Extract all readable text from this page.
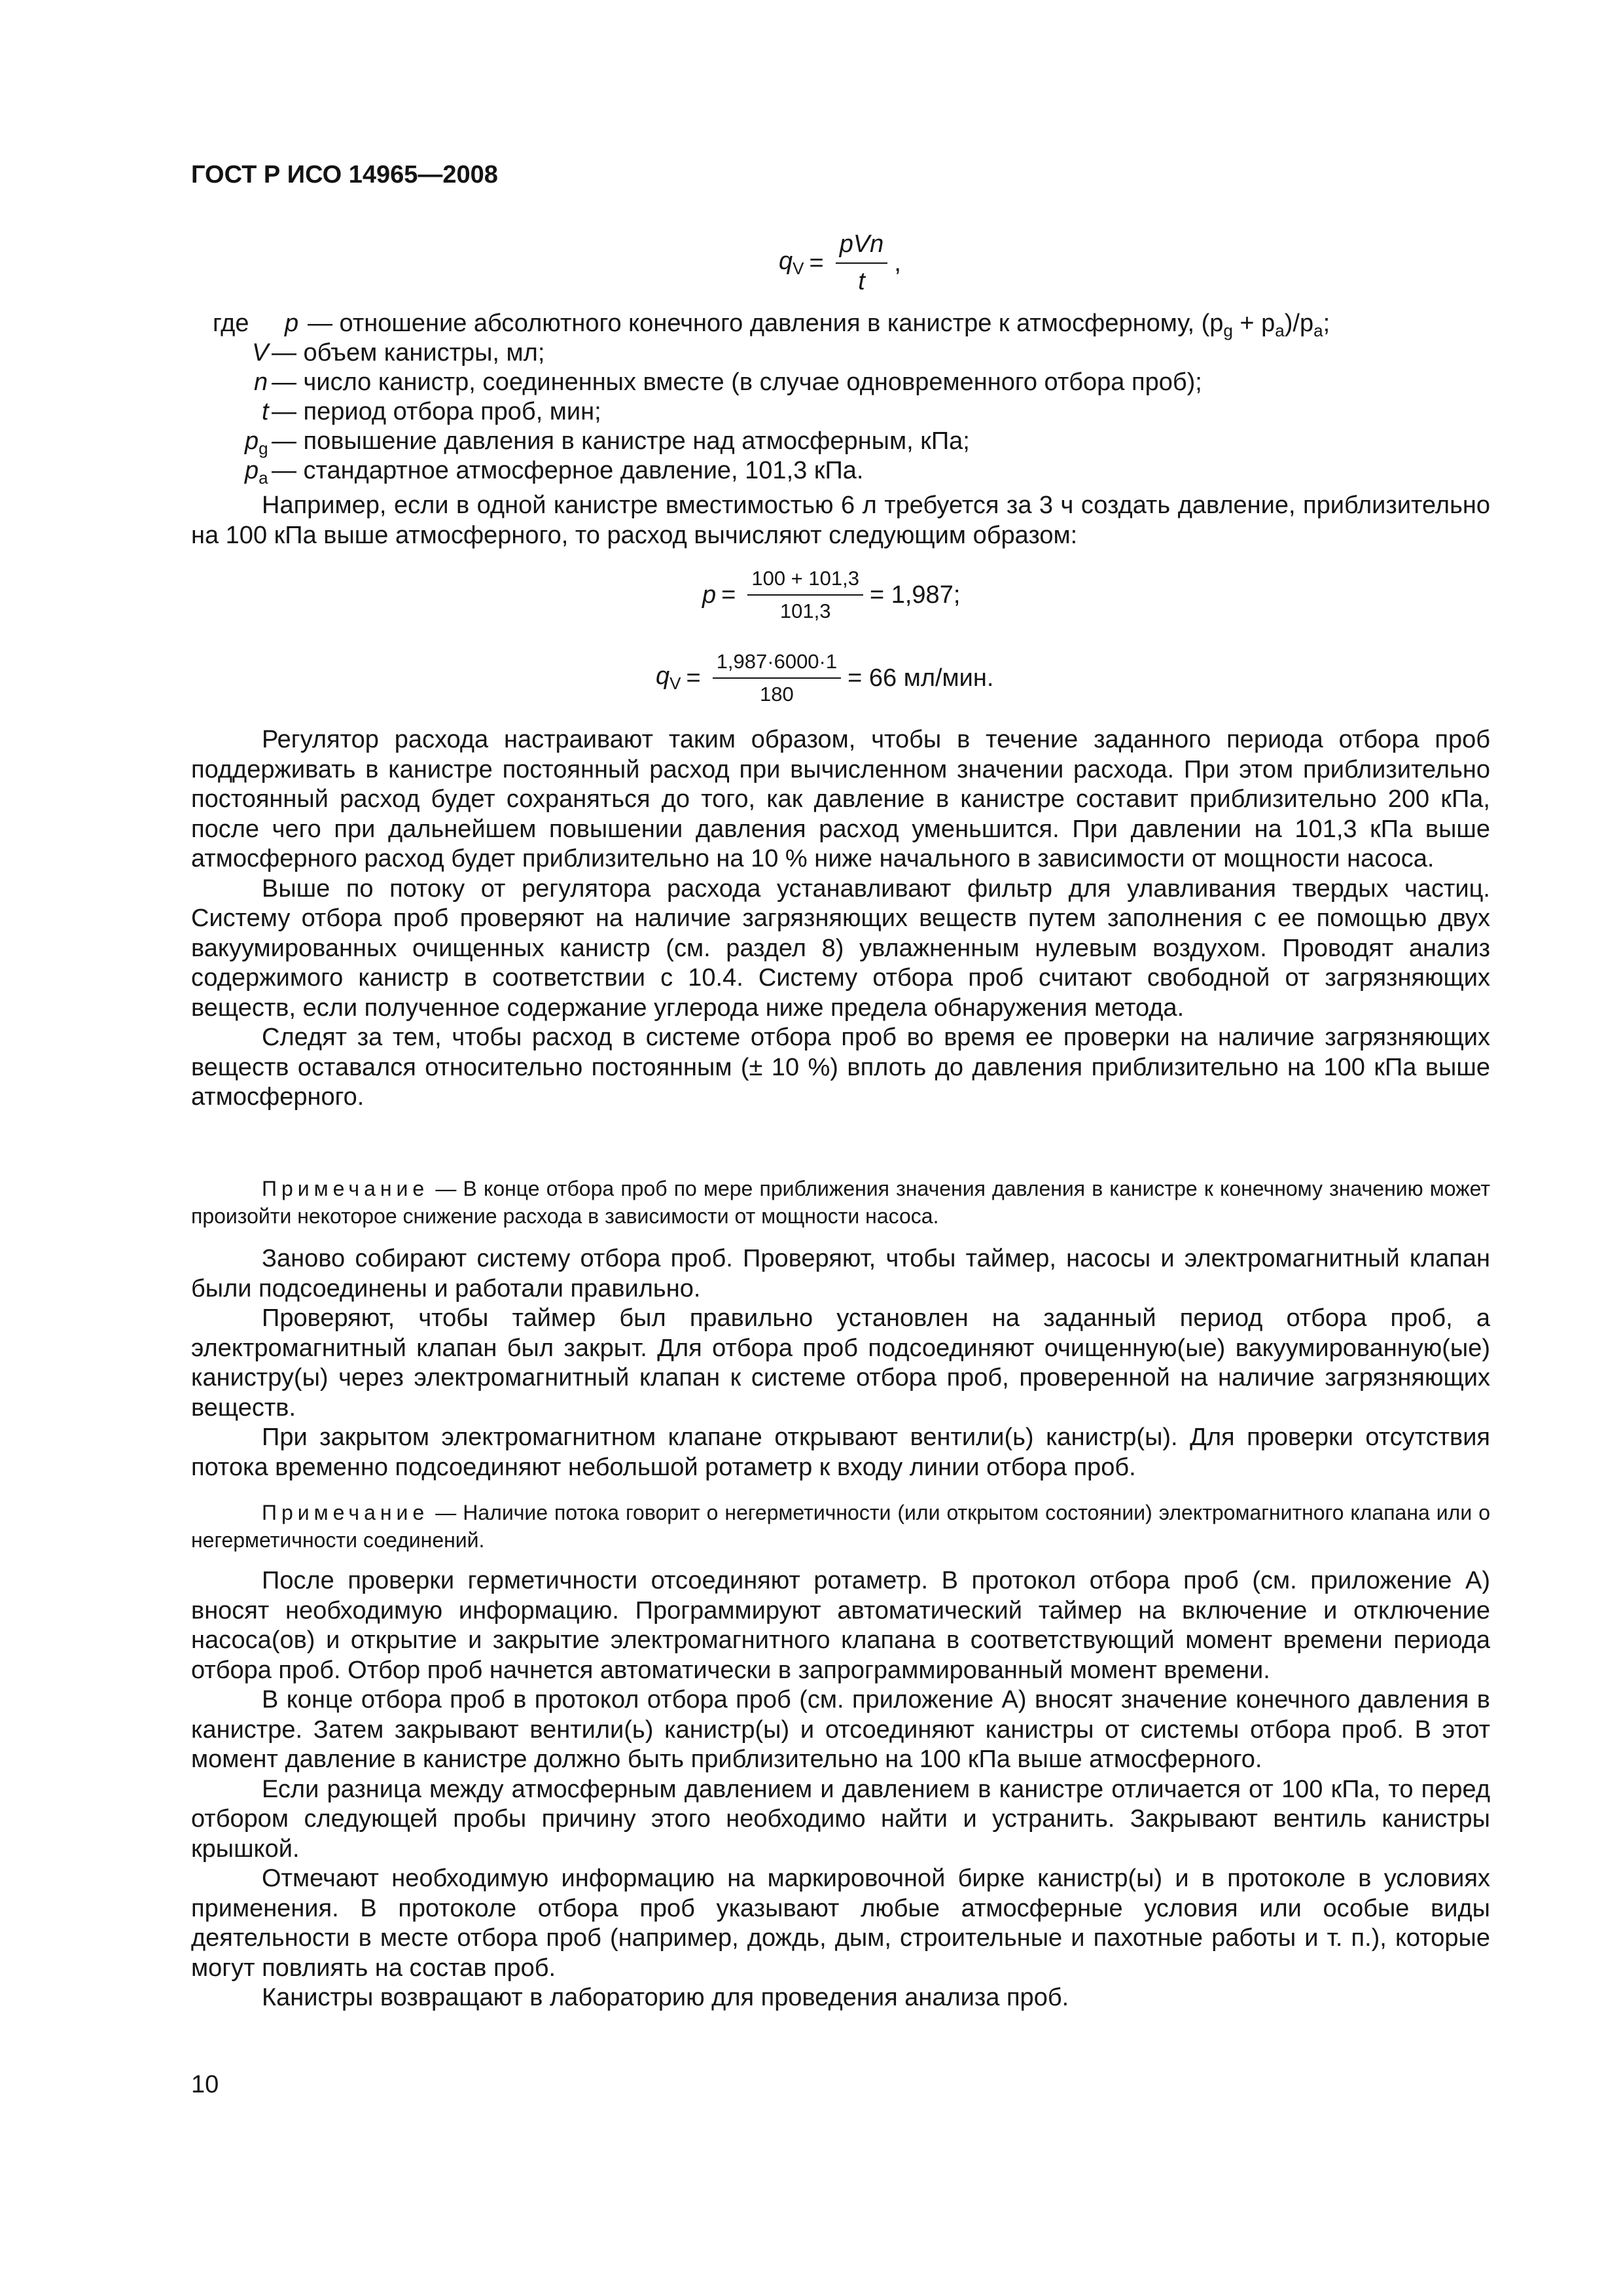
ГОСТ Р ИСО 14965—2008
$q_V = \frac{\text{pVn}}{t}$ ,
где p — отношение абсолютного конечного давления в канистре к атмосферному, $(p_g + p_a)/p_a$;
V — объем канистры, мл;
n — число канистр, соединенных вместе (в случае одновременного отбора проб);
t — период отбора проб, мин;
$p_g$ — повышение давления в канистре над атмосферным, кПа;
$p_a$ — стандартное атмосферное давление, 101,3 кПа.

Например, если в одной канистре вместимостью 6 л требуется за 3 ч создать давление, приблизительно на 100 кПа выше атмосферного, то расход вычисляют следующим образом:

$p = \frac{100 + 101,3}{101,3} = 1,987$;
$q_V = \frac{1,987\cdot 6000\cdot 1}{180} = 66$ мл/мин.

Регулятор расхода настраивают таким образом, чтобы в течение заданного периода отбора проб поддерживать в канистре постоянный расход при вычисленном значении расхода. При этом приблизительно постоянный расход будет сохраняться до того, как давление в канистре составит приблизительно 200 кПа, после чего при дальнейшем повышении давления расход уменьшится. При давлении на 101,3 кПа выше атмосферного расход будет приблизительно на 10 % ниже начального в зависимости от мощности насоса.

Выше по потоку от регулятора расхода устанавливают фильтр для улавливания твердых частиц. Систему отбора проб проверяют на наличие загрязняющих веществ путем заполнения с ее помощью двух вакуумированных очищенных канистр (см. раздел 8) увлажненным нулевым воздухом. Проводят анализ содержимого канистр в соответствии с 10.4. Систему отбора проб считают свободной от загрязняющих веществ, если полученное содержание углерода ниже предела обнаружения метода.

Следят за тем, чтобы расход в системе отбора проб во время ее проверки на наличие загрязняющих веществ оставался относительно постоянным (± 10 %) вплоть до давления приблизительно на 100 кПа выше атмосферного.

Примечание — В конце отбора проб по мере приближения значения давления в канистре к конечному значению может произойти некоторое снижение расхода в зависимости от мощности насоса.

Заново собирают систему отбора проб. Проверяют, чтобы таймер, насосы и электромагнитный клапан были подсоединены и работали правильно.

Проверяют, чтобы таймер был правильно установлен на заданный период отбора проб, а электромагнитный клапан был закрыт. Для отбора проб подсоединяют очищенную(ые) вакуумированную(ые) канистру(ы) через электромагнитный клапан к системе отбора проб, проверенной на наличие загрязняющих веществ.

При закрытом электромагнитном клапане открывают вентили(ь) канистр(ы). Для проверки отсутствия потока временно подсоединяют небольшой ротаметр к входу линии отбора проб.

Примечание — Наличие потока говорит о негерметичности (или открытом состоянии) электромагнитного клапана или о негерметичности соединений.

После проверки герметичности отсоединяют ротаметр. В протокол отбора проб (см. приложение А) вносят необходимую информацию. Программируют автоматический таймер на включение и отключение насоса(ов) и открытие и закрытие электромагнитного клапана в соответствующий момент времени периода отбора проб. Отбор проб начнется автоматически в запрограммированный момент времени.

В конце отбора проб в протокол отбора проб (см. приложение А) вносят значение конечного давления в канистре. Затем закрывают вентили(ь) канистр(ы) и отсоединяют канистры от системы отбора проб. В этот момент давление в канистре должно быть приблизительно на 100 кПа выше атмосферного.

Если разница между атмосферным давлением и давлением в канистре отличается от 100 кПа, то перед отбором следующей пробы причину этого необходимо найти и устранить. Закрывают вентиль канистры крышкой.

Отмечают необходимую информацию на маркировочной бирке канистр(ы) и в протоколе в условиях применения. В протоколе отбора проб указывают любые атмосферные условия или особые виды деятельности в месте отбора проб (например, дождь, дым, строительные и пахотные работы и т. п.), которые могут повлиять на состав проб.

Канистры возвращают в лабораторию для проведения анализа проб.

10
